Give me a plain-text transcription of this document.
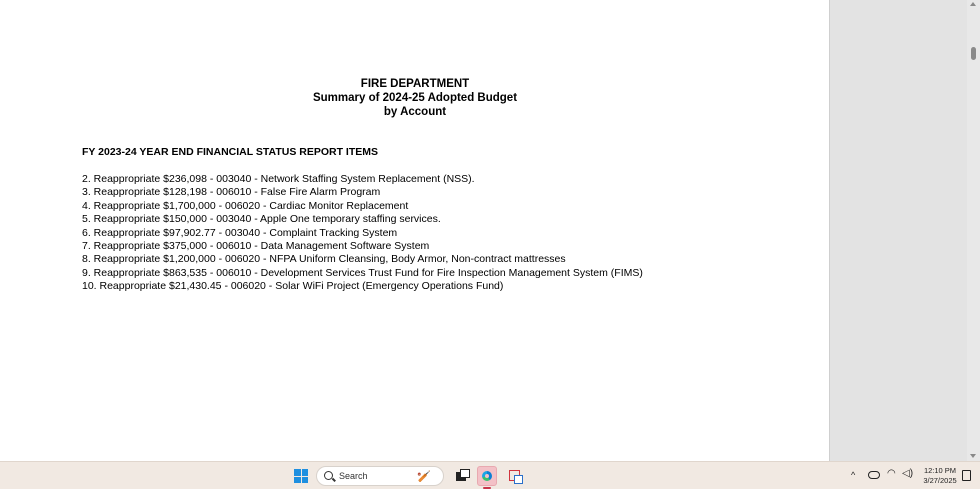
FIRE DEPARTMENT
Summary of 2024-25 Adopted Budget
by Account
FY 2023-24 YEAR END FINANCIAL STATUS REPORT ITEMS
2. Reappropriate $236,098 - 003040 - Network Staffing System Replacement (NSS).
3. Reappropriate $128,198 - 006010 - False Fire Alarm Program
4. Reappropriate $1,700,000 - 006020 - Cardiac Monitor Replacement
5. Reappropriate $150,000 - 003040 - Apple One temporary staffing services.
6. Reappropriate $97,902.77 - 003040 - Complaint Tracking System
7. Reappropriate $375,000 - 006010 - Data Management Software System
8. Reappropriate $1,200,000 - 006020 - NFPA Uniform Cleansing, Body Armor, Non-contract mattresses
9. Reappropriate $863,535 - 006010 - Development Services Trust Fund for Fire Inspection Management System (FIMS)
10. Reappropriate $21,430.45 - 006020 - Solar WiFi Project (Emergency Operations Fund)
Search	🏏	^	◠ ◁)	12:10 PM
3/27/2025
